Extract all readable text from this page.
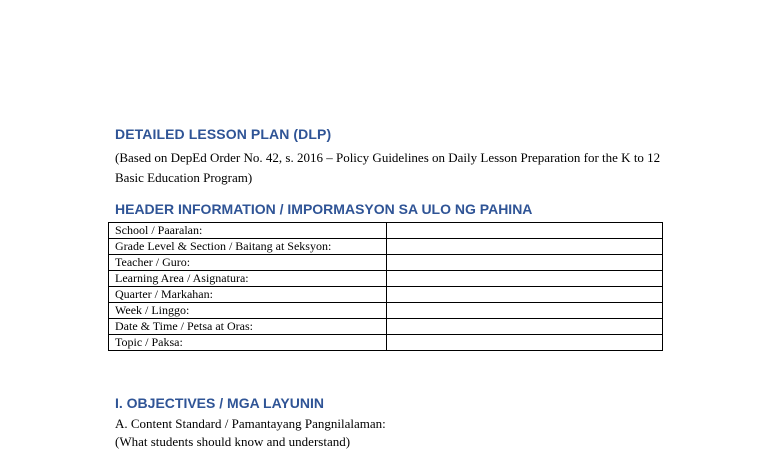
DETAILED LESSON PLAN (DLP)

(Based on DepEd Order No. 42, s. 2016 – Policy Guidelines on Daily Lesson Preparation for the K to 12 Basic Education Program)

HEADER INFORMATION / IMPORMASYON SA ULO NG PAHINA
School / Paaralan:	
Grade Level & Section / Baitang at Seksyon:	
Teacher / Guro:	
Learning Area / Asignatura:	
Quarter / Markahan:	
Week / Linggo:	
Date & Time / Petsa at Oras:	
Topic / Paksa:	
I. OBJECTIVES / MGA LAYUNIN

A. Content Standard / Pamantayang Pangnilalaman:

(What students should know and understand)
